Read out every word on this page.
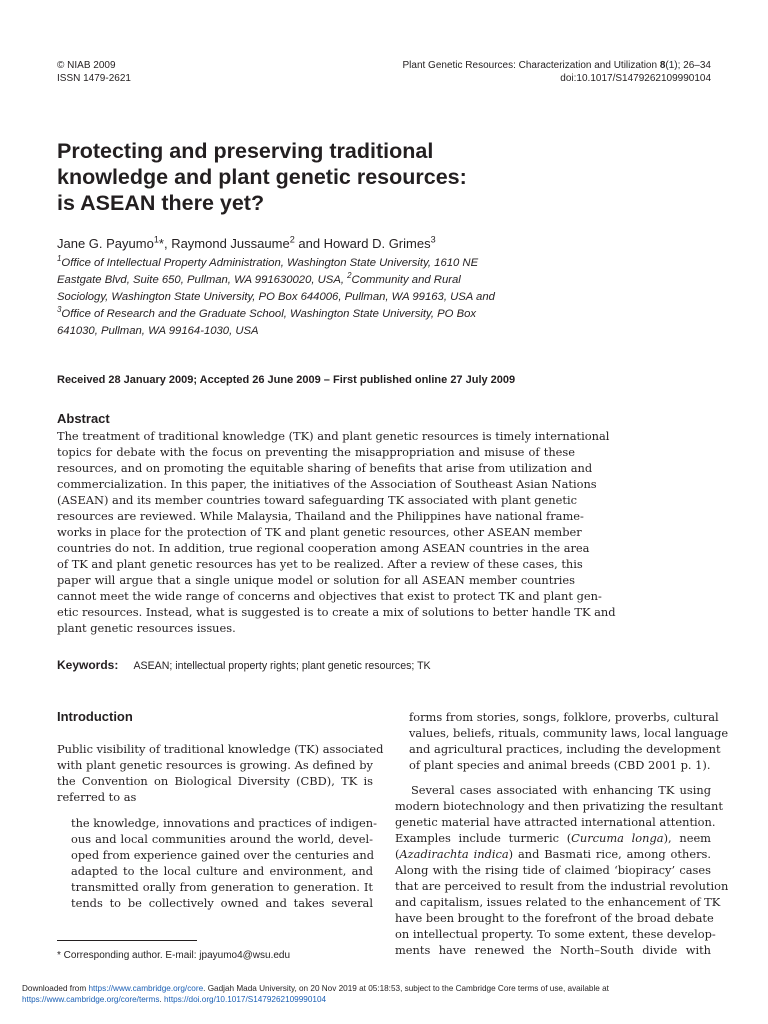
© NIAB 2009
ISSN 1479-2621
Plant Genetic Resources: Characterization and Utilization 8(1); 26–34
doi:10.1017/S1479262109990104
Protecting and preserving traditional
knowledge and plant genetic resources:
is ASEAN there yet?
Jane G. Payumo$^1$*, Raymond Jussaume$^2$ and Howard D. Grimes$^3$
$^1$Office of Intellectual Property Administration, Washington State University, 1610 NE
Eastgate Blvd, Suite 650, Pullman, WA 991630020, USA, $^2$Community and Rural
Sociology, Washington State University, PO Box 644006, Pullman, WA 99163, USA and
$^3$Office of Research and the Graduate School, Washington State University, PO Box
641030, Pullman, WA 99164-1030, USA
Received 28 January 2009; Accepted 26 June 2009 – First published online 27 July 2009
Abstract
The treatment of traditional knowledge (TK) and plant genetic resources is timely international
topics for debate with the focus on preventing the misappropriation and misuse of these
resources, and on promoting the equitable sharing of benefits that arise from utilization and
commercialization. In this paper, the initiatives of the Association of Southeast Asian Nations
(ASEAN) and its member countries toward safeguarding TK associated with plant genetic
resources are reviewed. While Malaysia, Thailand and the Philippines have national frame-
works in place for the protection of TK and plant genetic resources, other ASEAN member
countries do not. In addition, true regional cooperation among ASEAN countries in the area
of TK and plant genetic resources has yet to be realized. After a review of these cases, this
paper will argue that a single unique model or solution for all ASEAN member countries
cannot meet the wide range of concerns and objectives that exist to protect TK and plant gen-
etic resources. Instead, what is suggested is to create a mix of solutions to better handle TK and
plant genetic resources issues.
Keywords: ASEAN; intellectual property rights; plant genetic resources; TK
Introduction
Public visibility of traditional knowledge (TK) associated
with plant genetic resources is growing. As defined by
the Convention on Biological Diversity (CBD), TK is
referred to as
the knowledge, innovations and practices of indigen-
ous and local communities around the world, devel-
oped from experience gained over the centuries and
adapted to the local culture and environment, and
transmitted orally from generation to generation. It
tends to be collectively owned and takes several
* Corresponding author. E-mail: jpayumo4@wsu.edu
forms from stories, songs, folklore, proverbs, cultural
values, beliefs, rituals, community laws, local language
and agricultural practices, including the development
of plant species and animal breeds (CBD 2001 p. 1).
Several cases associated with enhancing TK using
modern biotechnology and then privatizing the resultant
genetic material have attracted international attention.
Examples include turmeric (Curcuma longa), neem
(Azadirachta indica) and Basmati rice, among others.
Along with the rising tide of claimed ‘biopiracy’ cases
that are perceived to result from the industrial revolution
and capitalism, issues related to the enhancement of TK
have been brought to the forefront of the broad debate
on intellectual property. To some extent, these develop-
ments have renewed the North–South divide with
Downloaded from https://www.cambridge.org/core. Gadjah Mada University, on 20 Nov 2019 at 05:18:53, subject to the Cambridge Core terms of use, available at
https://www.cambridge.org/core/terms. https://doi.org/10.1017/S1479262109990104
